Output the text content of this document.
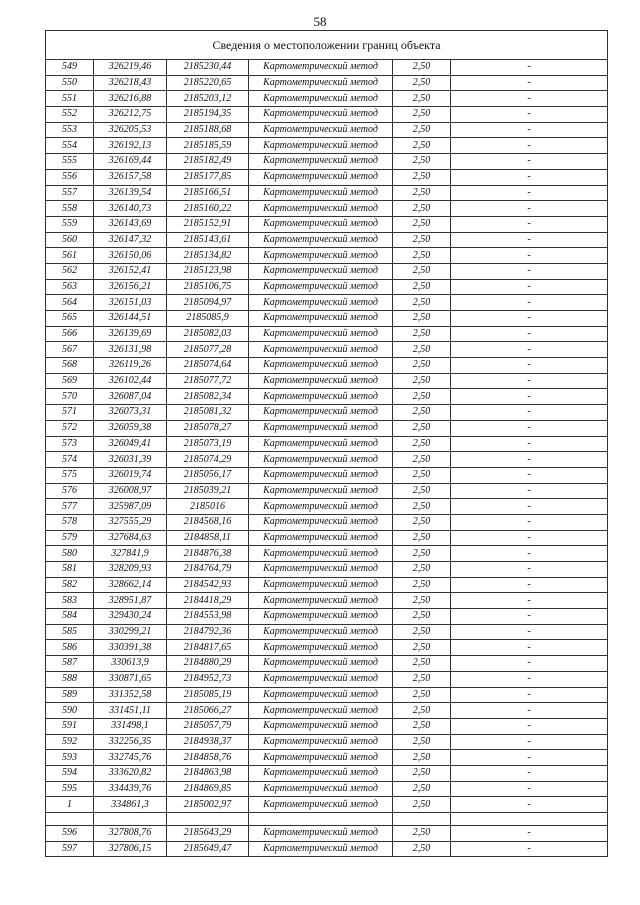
58
Сведения о местоположении границ объекта					
549	326219,46	2185230,44	Картометрический метод	2,50	-
550	326218,43	2185220,65	Картометрический метод	2,50	-
551	326216,88	2185203,12	Картометрический метод	2,50	-
552	326212,75	2185194,35	Картометрический метод	2,50	-
553	326205,53	2185188,68	Картометрический метод	2,50	-
554	326192,13	2185185,59	Картометрический метод	2,50	-
555	326169,44	2185182,49	Картометрический метод	2,50	-
556	326157,58	2185177,85	Картометрический метод	2,50	-
557	326139,54	2185166,51	Картометрический метод	2,50	-
558	326140,73	2185160,22	Картометрический метод	2,50	-
559	326143,69	2185152,91	Картометрический метод	2,50	-
560	326147,32	2185143,61	Картометрический метод	2,50	-
561	326150,06	2185134,82	Картометрический метод	2,50	-
562	326152,41	2185123,98	Картометрический метод	2,50	-
563	326156,21	2185106,75	Картометрический метод	2,50	-
564	326151,03	2185094,97	Картометрический метод	2,50	-
565	326144,51	2185085,9	Картометрический метод	2,50	-
566	326139,69	2185082,03	Картометрический метод	2,50	-
567	326131,98	2185077,28	Картометрический метод	2,50	-
568	326119,26	2185074,64	Картометрический метод	2,50	-
569	326102,44	2185077,72	Картометрический метод	2,50	-
570	326087,04	2185082,34	Картометрический метод	2,50	-
571	326073,31	2185081,32	Картометрический метод	2,50	-
572	326059,38	2185078,27	Картометрический метод	2,50	-
573	326049,41	2185073,19	Картометрический метод	2,50	-
574	326031,39	2185074,29	Картометрический метод	2,50	-
575	326019,74	2185056,17	Картометрический метод	2,50	-
576	326008,97	2185039,21	Картометрический метод	2,50	-
577	325987,09	2185016	Картометрический метод	2,50	-
578	327555,29	2184568,16	Картометрический метод	2,50	-
579	327684,63	2184858,11	Картометрический метод	2,50	-
580	327841,9	2184876,38	Картометрический метод	2,50	-
581	328209,93	2184764,79	Картометрический метод	2,50	-
582	328662,14	2184542,93	Картометрический метод	2,50	-
583	328951,87	2184418,29	Картометрический метод	2,50	-
584	329430,24	2184553,98	Картометрический метод	2,50	-
585	330299,21	2184792,36	Картометрический метод	2,50	-
586	330391,38	2184817,65	Картометрический метод	2,50	-
587	330613,9	2184880,29	Картометрический метод	2,50	-
588	330871,65	2184952,73	Картометрический метод	2,50	-
589	331352,58	2185085,19	Картометрический метод	2,50	-
590	331451,11	2185066,27	Картометрический метод	2,50	-
591	331498,1	2185057,79	Картометрический метод	2,50	-
592	332256,35	2184938,37	Картометрический метод	2,50	-
593	332745,76	2184858,76	Картометрический метод	2,50	-
594	333620,82	2184863,98	Картометрический метод	2,50	-
595	334439,76	2184869,85	Картометрический метод	2,50	-
1	334861,3	2185002,97	Картометрический метод	2,50	-

596	327808,76	2185643,29	Картометрический метод	2,50	-
597	327806,15	2185649,47	Картометрический метод	2,50	-
